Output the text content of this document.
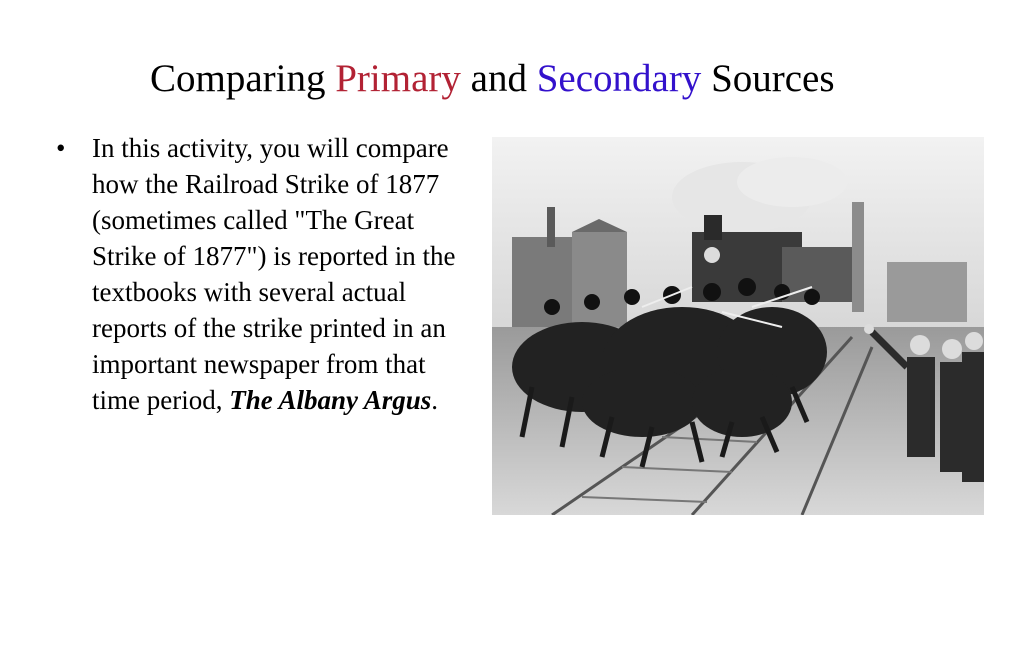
Comparing Primary and Secondary Sources
• In this activity, you will compare how the Railroad Strike of 1877 (sometimes called "The Great Strike of 1877") is reported in the textbooks with several actual reports of the strike printed in an important newspaper from that time period, The Albany Argus.
